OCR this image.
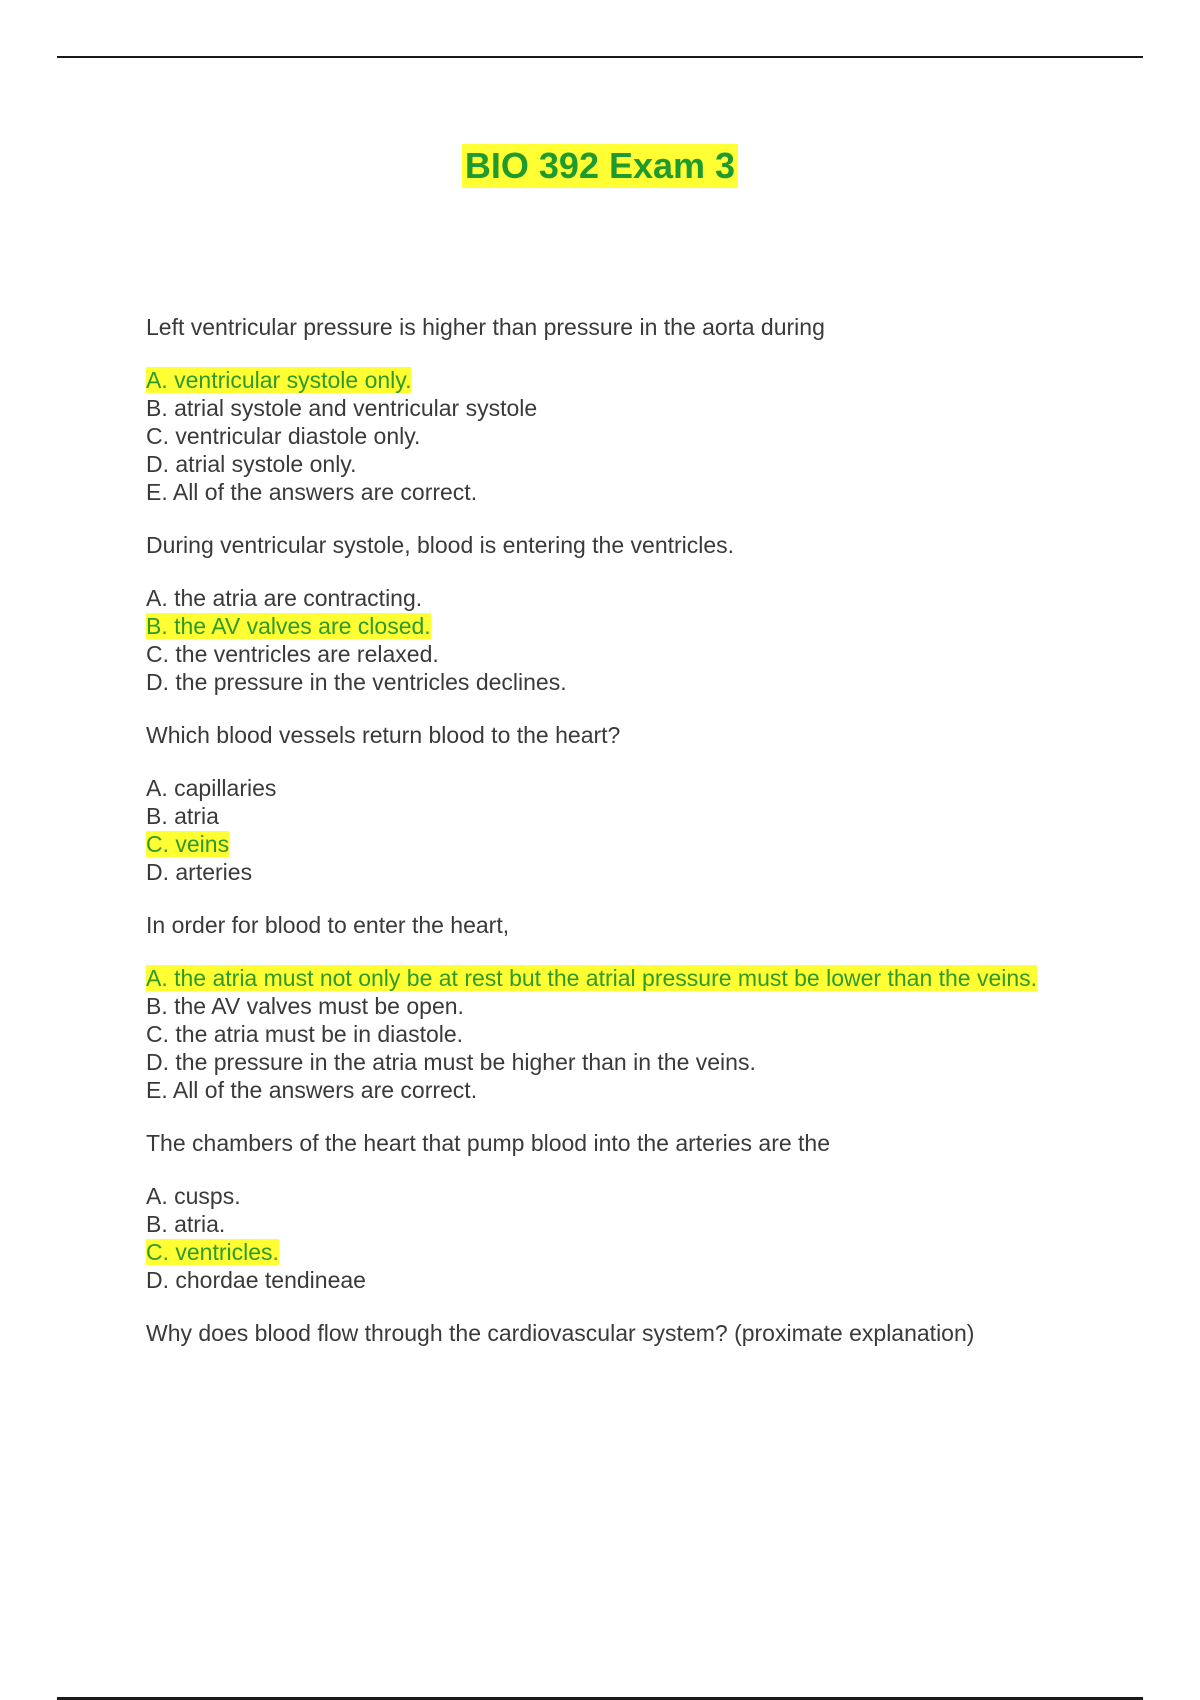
BIO 392 Exam 3
Left ventricular pressure is higher than pressure in the aorta during
A. ventricular systole only.
B. atrial systole and ventricular systole
C. ventricular diastole only.
D. atrial systole only.
E. All of the answers are correct.
During ventricular systole, blood is entering the ventricles.
A. the atria are contracting.
B. the AV valves are closed.
C. the ventricles are relaxed.
D. the pressure in the ventricles declines.
Which blood vessels return blood to the heart?
A. capillaries
B. atria
C. veins
D. arteries
In order for blood to enter the heart,
A. the atria must not only be at rest but the atrial pressure must be lower than the veins.
B. the AV valves must be open.
C. the atria must be in diastole.
D. the pressure in the atria must be higher than in the veins.
E. All of the answers are correct.
The chambers of the heart that pump blood into the arteries are the
A. cusps.
B. atria.
C. ventricles.
D. chordae tendineae
Why does blood flow through the cardiovascular system? (proximate explanation)
